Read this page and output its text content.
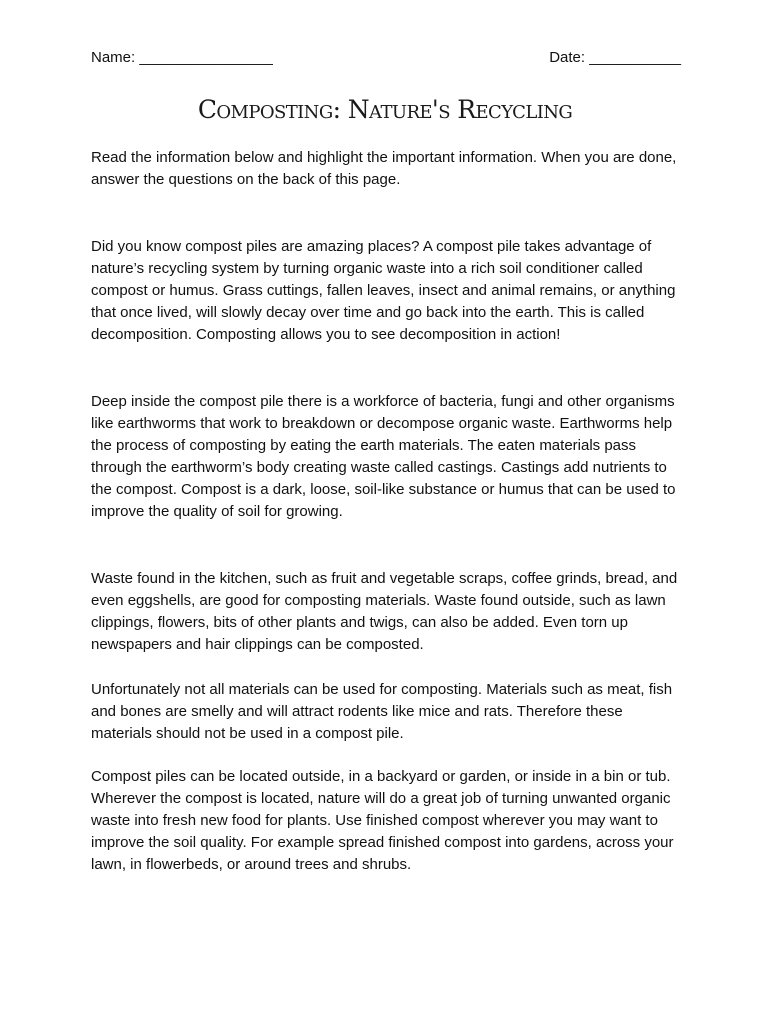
Name: ________________	Date: ___________
Composting: Nature's Recycling

Read the information below and highlight the important information. When you are done, answer the questions on the back of this page.

Did you know compost piles are amazing places? A compost pile takes advantage of nature’s recycling system by turning organic waste into a rich soil conditioner called compost or humus. Grass cuttings, fallen leaves, insect and animal remains, or anything that once lived, will slowly decay over time and go back into the earth. This is called decomposition. Composting allows you to see decomposition in action!

Deep inside the compost pile there is a workforce of bacteria, fungi and other organisms like earthworms that work to breakdown or decompose organic waste. Earthworms help the process of composting by eating the earth materials. The eaten materials pass through the earthworm’s body creating waste called castings. Castings add nutrients to the compost. Compost is a dark, loose, soil-like substance or humus that can be used to improve the quality of soil for growing.

Waste found in the kitchen, such as fruit and vegetable scraps, coffee grinds, bread, and even eggshells, are good for composting materials. Waste found outside, such as lawn clippings, flowers, bits of other plants and twigs, can also be added. Even torn up newspapers and hair clippings can be composted.

Unfortunately not all materials can be used for composting. Materials such as meat, fish and bones are smelly and will attract rodents like mice and rats. Therefore these materials should not be used in a compost pile.

Compost piles can be located outside, in a backyard or garden, or inside in a bin or tub. Wherever the compost is located, nature will do a great job of turning unwanted organic waste into fresh new food for plants. Use finished compost wherever you may want to improve the soil quality. For example spread finished compost into gardens, across your lawn, in flowerbeds, or around trees and shrubs.
